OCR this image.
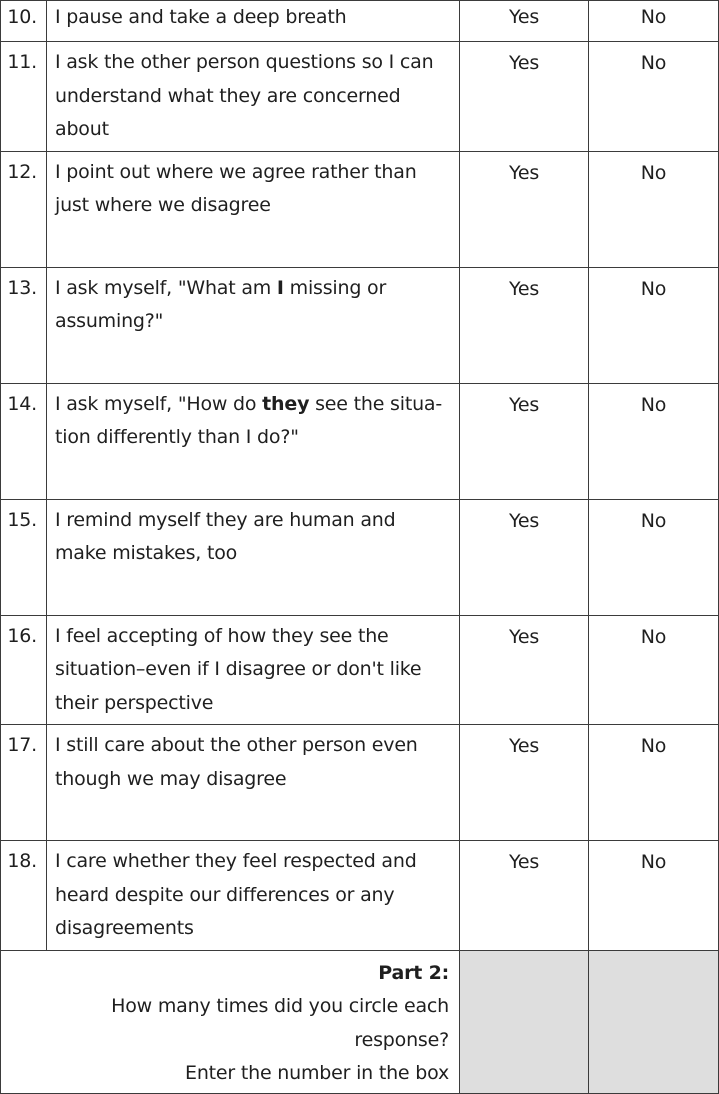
10.	I pause and take a deep breath	Yes	No
11.	I ask the other person questions so I can understand what they are concerned about	Yes	No
12.	I point out where we agree rather than just where we disagree	Yes	No
13.	I ask myself, "What am I missing or assuming?"	Yes	No
14.	I ask myself, "How do they see the situa-tion differently than I do?"	Yes	No
15.	I remind myself they are human and make mistakes, too	Yes	No
16.	I feel accepting of how they see the situation–even if I disagree or don't like their perspective	Yes	No
17.	I still care about the other person even though we may disagree	Yes	No
18.	I care whether they feel respected and heard despite our differences or any disagreements	Yes	No

Part 2:
How many times did you circle each response?
Enter the number in the box			
